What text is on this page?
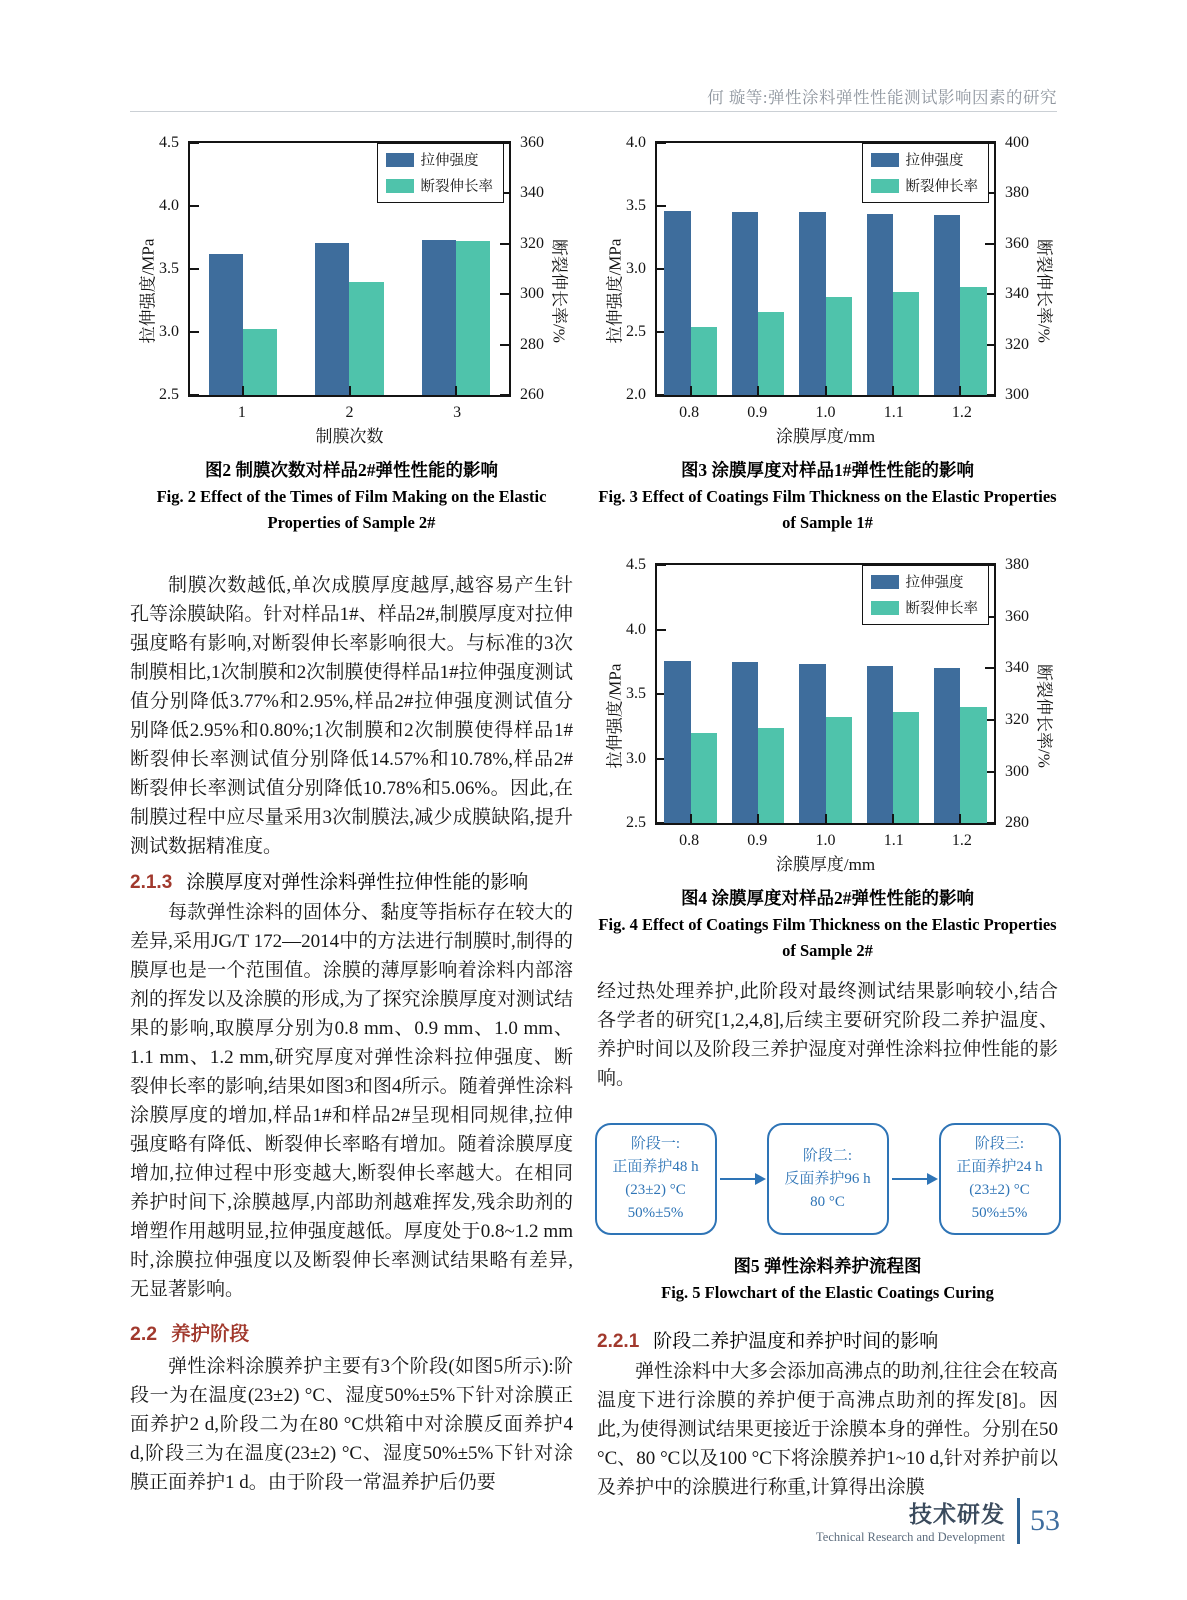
何 璇等:弹性涂料弹性性能测试影响因素的研究
拉伸强度/MPa	断裂伸长率/%
2.5
3.0
3.5
4.0
4.5
260
280
300
320
340
360
拉伸强度
断裂伸长率
1	2	3
制膜次数
图2 制膜次数对样品2#弹性性能的影响
Fig. 2 Effect of the Times of Film Making on the Elastic Properties of Sample 2#

制膜次数越低,单次成膜厚度越厚,越容易产生针孔等涂膜缺陷。针对样品1#、样品2#,制膜厚度对拉伸强度略有影响,对断裂伸长率影响很大。与标准的3次制膜相比,1次制膜和2次制膜使得样品1#拉伸强度测试值分别降低3.77%和2.95%,样品2#拉伸强度测试值分别降低2.95%和0.80%;1次制膜和2次制膜使得样品1#断裂伸长率测试值分别降低14.57%和10.78%,样品2#断裂伸长率测试值分别降低10.78%和5.06%。因此,在制膜过程中应尽量采用3次制膜法,减少成膜缺陷,提升测试数据精准度。

2.1.3 涂膜厚度对弹性涂料弹性拉伸性能的影响

每款弹性涂料的固体分、黏度等指标存在较大的差异,采用JG/T 172—2014中的方法进行制膜时,制得的膜厚也是一个范围值。涂膜的薄厚影响着涂料内部溶剂的挥发以及涂膜的形成,为了探究涂膜厚度对测试结果的影响,取膜厚分别为0.8 mm、0.9 mm、1.0 mm、1.1 mm、1.2 mm,研究厚度对弹性涂料拉伸强度、断裂伸长率的影响,结果如图3和图4所示。随着弹性涂料涂膜厚度的增加,样品1#和样品2#呈现相同规律,拉伸强度略有降低、断裂伸长率略有增加。随着涂膜厚度增加,拉伸过程中形变越大,断裂伸长率越大。在相同养护时间下,涂膜越厚,内部助剂越难挥发,残余助剂的增塑作用越明显,拉伸强度越低。厚度处于0.8~1.2 mm时,涂膜拉伸强度以及断裂伸长率测试结果略有差异,无显著影响。

2.2 养护阶段

弹性涂料涂膜养护主要有3个阶段(如图5所示):阶段一为在温度(23±2) °C、湿度50%±5%下针对涂膜正面养护2 d,阶段二为在80 °C烘箱中对涂膜反面养护4 d,阶段三为在温度(23±2) °C、湿度50%±5%下针对涂膜正面养护1 d。由于阶段一常温养护后仍要

拉伸强度/MPa	断裂伸长率/%
2.0
2.5
3.0
3.5
4.0
300
320
340
360
380
400
拉伸强度
断裂伸长率
0.8	0.9	1.0	1.1	1.2
涂膜厚度/mm
图3 涂膜厚度对样品1#弹性性能的影响
Fig. 3 Effect of Coatings Film Thickness on the Elastic Properties of Sample 1#
拉伸强度/MPa	断裂伸长率/%
2.5
3.0
3.5
4.0
4.5
280
300
320
340
360
380
拉伸强度
断裂伸长率
0.8	0.9	1.0	1.1	1.2
涂膜厚度/mm
图4 涂膜厚度对样品2#弹性性能的影响
Fig. 4 Effect of Coatings Film Thickness on the Elastic Properties of Sample 2#

经过热处理养护,此阶段对最终测试结果影响较小,结合各学者的研究[1,2,4,8],后续主要研究阶段二养护温度、养护时间以及阶段三养护湿度对弹性涂料拉伸性能的影响。

阶段一:
正面养护48 h
(23±2) °C
50%±5%
阶段二:
反面养护96 h
80 °C
阶段三:
正面养护24 h
(23±2) °C
50%±5%
图5 弹性涂料养护流程图
Fig. 5 Flowchart of the Elastic Coatings Curing
2.2.1 阶段二养护温度和养护时间的影响

弹性涂料中大多会添加高沸点的助剂,往往会在较高温度下进行涂膜的养护便于高沸点助剂的挥发[8]。因此,为使得测试结果更接近于涂膜本身的弹性。分别在50 °C、80 °C以及100 °C下将涂膜养护1~10 d,针对养护前以及养护中的涂膜进行称重,计算得出涂膜

技术研发
Technical Research and Development
53
